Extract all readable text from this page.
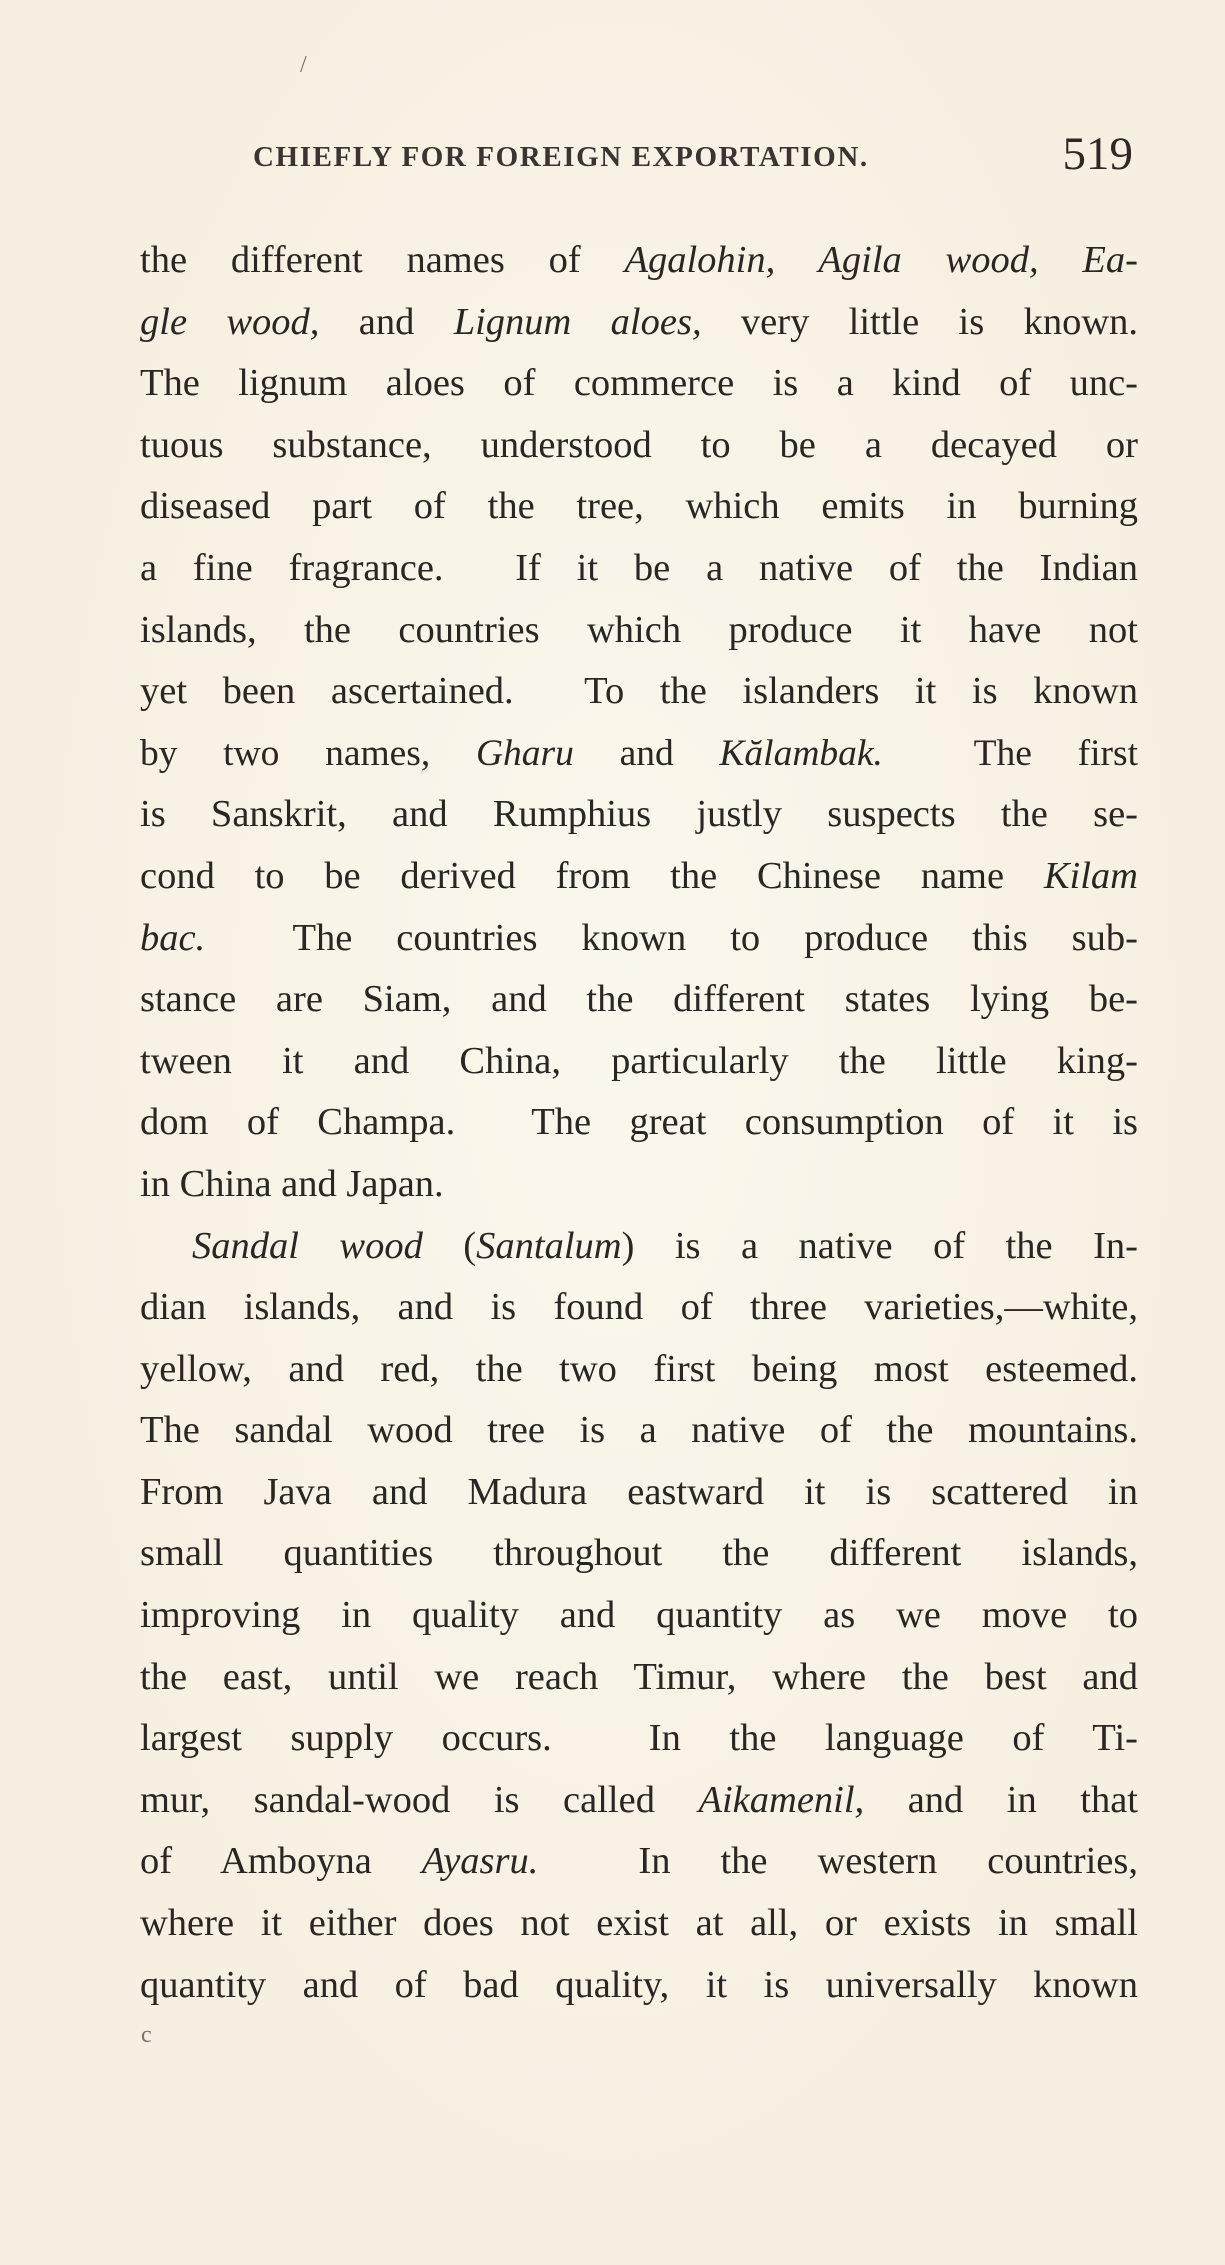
CHIEFLY FOR FOREIGN EXPORTATION.	519
the different names of Agalohin, Agila wood, Ea-
gle wood, and Lignum aloes, very little is known.
The lignum aloes of commerce is a kind of unc-
tuous substance, understood to be a decayed or
diseased part of the tree, which emits in burning
a fine fragrance.  If it be a native of the Indian
islands, the countries which produce it have not
yet been ascertained.  To the islanders it is known
by two names, Gharu and Kălambak.  The first
is Sanskrit, and Rumphius justly suspects the se-
cond to be derived from the Chinese name Kilam
bac.  The countries known to produce this sub-
stance are Siam, and the different states lying be-
tween it and China, particularly the little king-
dom of Champa.  The great consumption of it is
in China and Japan.
Sandal wood (Santalum) is a native of the In-
dian islands, and is found of three varieties,—white,
yellow, and red, the two first being most esteemed.
The sandal wood tree is a native of the mountains.
From Java and Madura eastward it is scattered in
small quantities throughout the different islands,
improving in quality and quantity as we move to
the east, until we reach Timur, where the best and
largest supply occurs.  In the language of Ti-
mur, sandal-wood is called Aikamenil, and in that
of Amboyna Ayasru.  In the western countries,
where it either does not exist at all, or exists in small
quantity and of bad quality, it is universally known
/
c
